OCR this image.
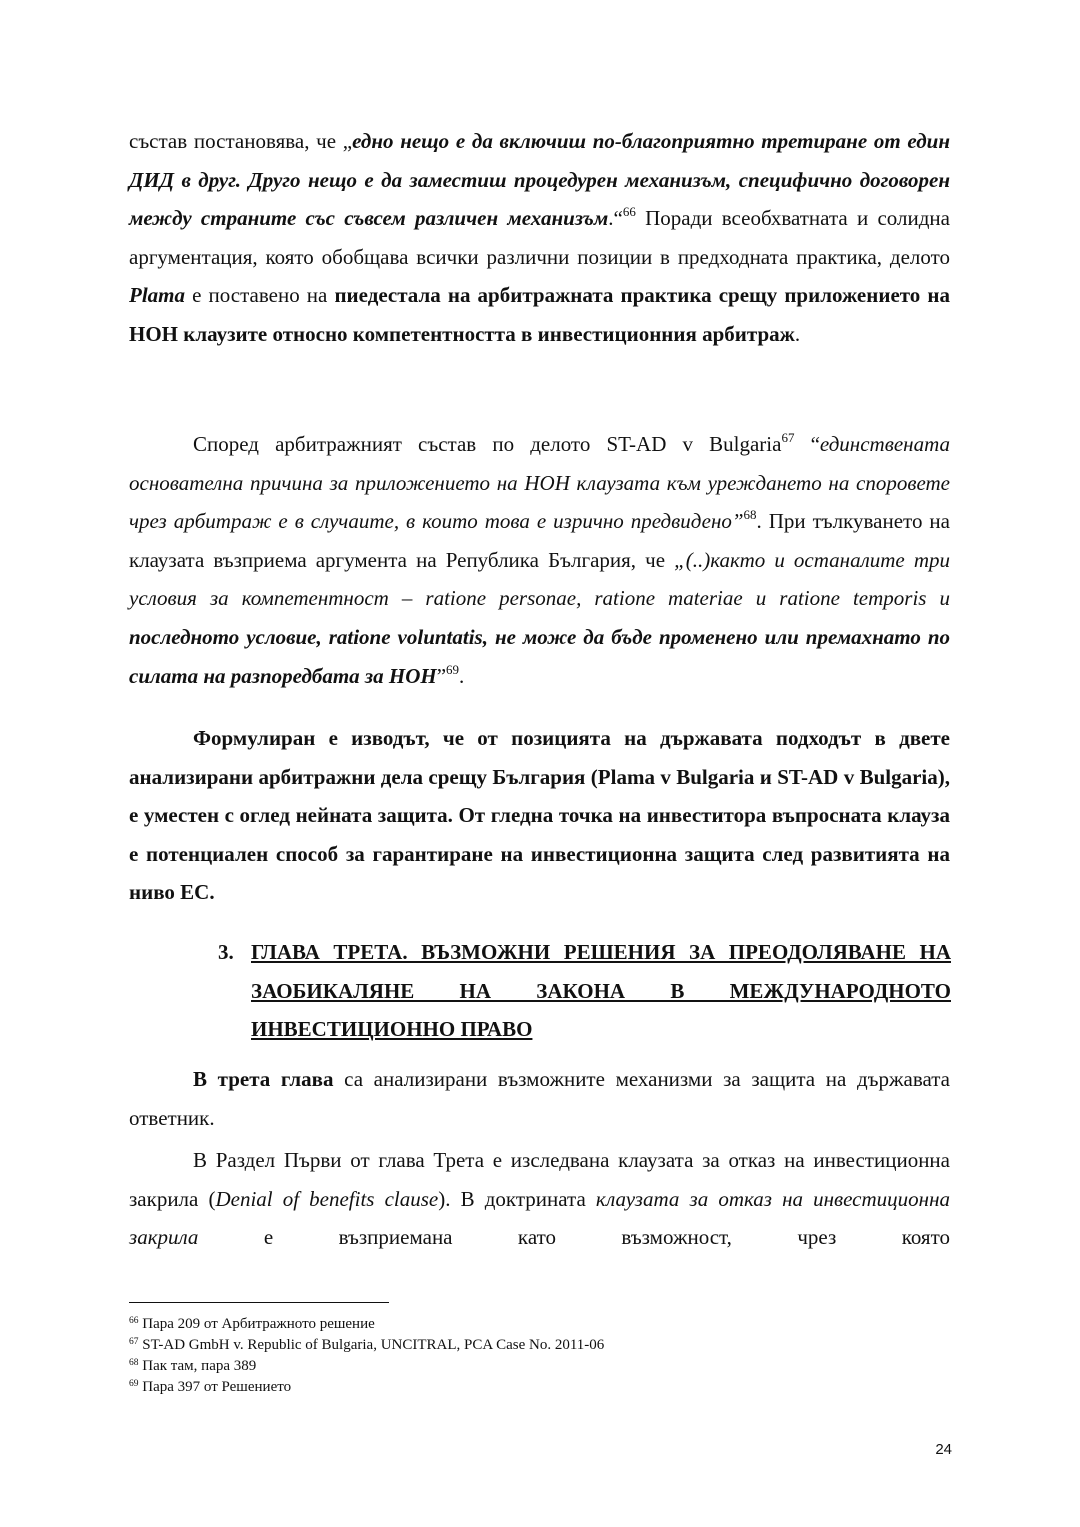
състав постановява, че „едно нещо е да включиш по-благоприятно третиране от един ДИД в друг. Друго нещо е да заместиш процедурен механизъм, специфично договорен между страните със съвсем различен механизъм.“$^{66}$ Поради всеобхватната и солидна аргументация, която обобщава всички различни позиции в предходната практика, делото Plama е поставено на пиедестала на арбитражната практика срещу приложението на НОН клаузите относно компетентността в инвестиционния арбитраж.

Според арбитражният състав по делото ST-AD v Bulgaria$^{67}$ “единствената основателна причина за приложението на НОН клаузата към уреждането на споровете чрез арбитраж е в случаите, в които това е изрично предвидено”$^{68}$. При тълкуването на клаузата възприема аргумента на Република България, че „(..)както и останалите три условия за компетентност – ratione personae, ratione materiae и ratione temporis и последното условие, ratione voluntatis, не може да бъде променено или премахнато по силата на разпоредбата за НОН”$^{69}$.

Формулиран е изводът, че от позицията на държавата подходът в двете анализирани арбитражни дела срещу България (Plama v Bulgaria и ST-AD v Bulgaria), е уместен с оглед нейната защита. От гледна точка на инвеститора въпросната клауза е потенциален способ за гарантиране на инвестиционна защита след развитията на ниво ЕС.

3. ГЛАВА ТРЕТА. ВЪЗМОЖНИ РЕШЕНИЯ ЗА ПРЕОДОЛЯВАНЕ НА ЗАОБИКАЛЯНЕ НА ЗАКОНА В МЕЖДУНАРОДНОТО ИНВЕСТИЦИОННО ПРАВО

В трета глава са анализирани възможните механизми за защита на държавата ответник.

В Раздел Първи от глава Трета е изследвана клаузата за отказ на инвестиционна закрила (Denial of benefits clause). В доктрината клаузата за отказ на инвестиционна закрила е възприемана като възможност, чрез която

$^{66}$ Пара 209 от Арбитражното решение
$^{67}$ ST-AD GmbH v. Republic of Bulgaria, UNCITRAL, PCA Case No. 2011-06
$^{68}$ Пак там, пара 389
$^{69}$ Пара 397 от Решението
24
